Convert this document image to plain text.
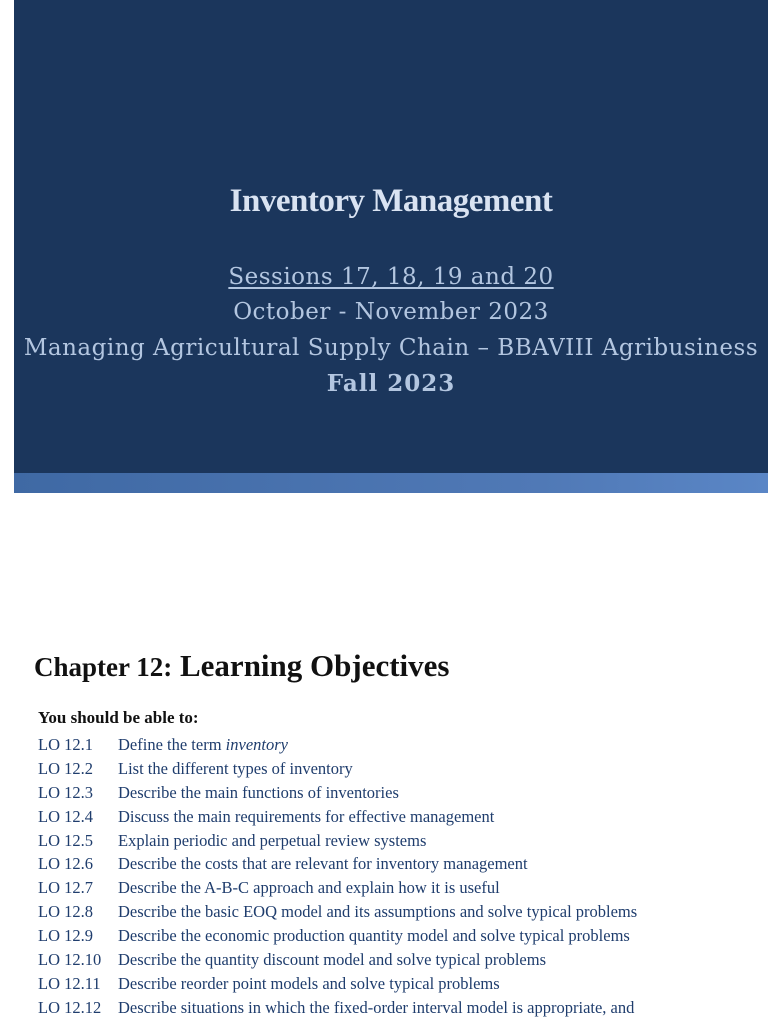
Inventory Management
Sessions 17, 18, 19 and 20
October - November 2023
Managing Agricultural Supply Chain – BBAVIII Agribusiness
Fall 2023
Chapter 12: Learning Objectives
You should be able to:
LO 12.1	Define the term inventory
LO 12.2	List the different types of inventory
LO 12.3	Describe the main functions of inventories
LO 12.4	Discuss the main requirements for effective management
LO 12.5	Explain periodic and perpetual review systems
LO 12.6	Describe the costs that are relevant for inventory management
LO 12.7	Describe the A-B-C approach and explain how it is useful
LO 12.8	Describe the basic EOQ model and its assumptions and solve typical problems
LO 12.9	Describe the economic production quantity model and solve typical problems
LO 12.10	Describe the quantity discount model and solve typical problems
LO 12.11	Describe reorder point models and solve typical problems
LO 12.12	Describe situations in which the fixed-order interval model is appropriate, and
